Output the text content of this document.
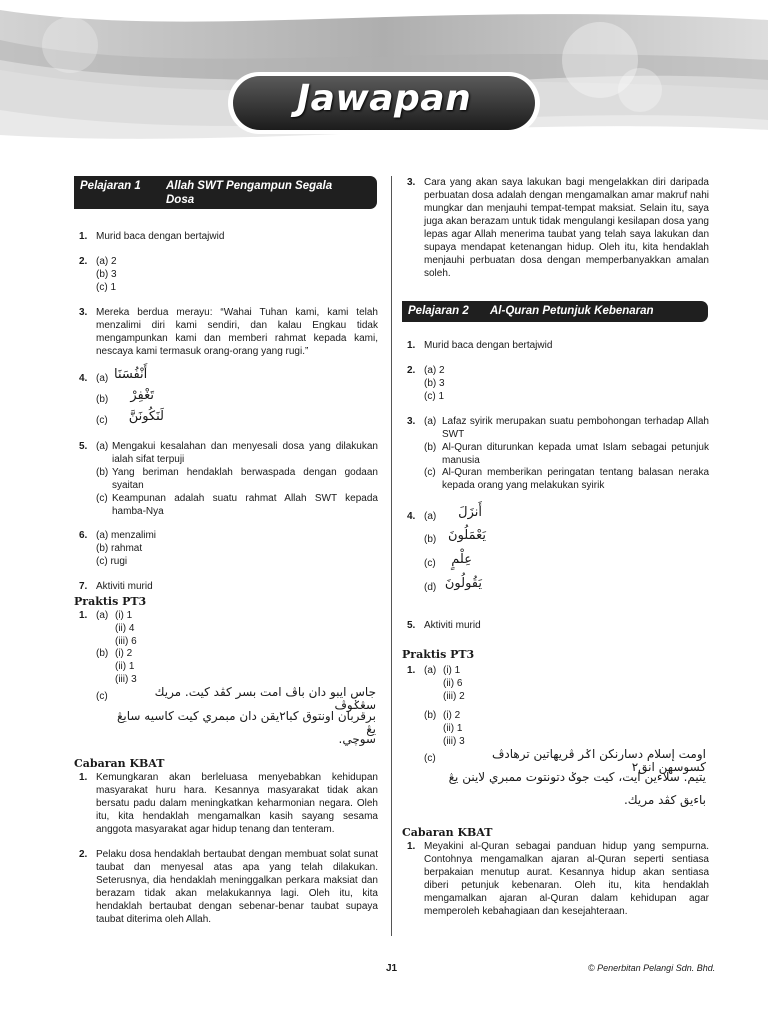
Jawapan
Pelajaran 1 Allah SWT Pengampun Segala
Dosa
1. Murid baca dengan bertajwid
2. (a) 2
(b) 3
(c) 1
3. Mereka berdua merayu: “Wahai Tuhan kami, kami telah menzalimi diri kami sendiri, dan kalau Engkau tidak mengampunkan kami dan memberi rahmat kepada kami, nescaya kami termasuk orang-orang yang rugi.”
4. (a) أَنْفُسَنَا
(b)	تَغْفِرْ
(c)	لَنَكُونَنَّ
5. (a) Mengakui kesalahan dan menyesali dosa yang dilakukan ialah sifat terpuji
(b) Yang beriman hendaklah berwaspada dengan godaan syaitan
(c) Keampunan adalah suatu rahmat Allah SWT kepada hamba-Nya
6. (a) menzalimi
(b) rahmat
(c) rugi
7. Aktiviti murid
Praktis PT3
1. (a) (i) 1
(ii) 4
(iii) 6
(b) (i) 2
(ii) 1
(iii) 3
(c)	جاس ايبو دان باڤ امت بسر كڤد كيت. مريك سڠݢوڤ
برقربان اونتوق كبا٢يقن دان مبمري كيت كاسيه سايڠ يڠ
سوچي.
Cabaran KBAT
1. Kemungkaran akan berleluasa menyebabkan kehidupan masyarakat huru hara. Kesannya masyarakat tidak akan bersatu padu dalam meningkatkan keharmonian negara. Oleh itu, kita hendaklah mengamalkan kasih sayang sesama anggota masyarakat agar hidup tenang dan tenteram.
2. Pelaku dosa hendaklah bertaubat dengan membuat solat sunat taubat dan menyesal atas apa yang telah dilakukan. Seterusnya, dia hendaklah meninggalkan perkara maksiat dan berazam tidak akan melakukannya lagi. Oleh itu, kita hendaklah bertaubat dengan sebenar-benar taubat supaya taubat diterima oleh Allah.
3. Cara yang akan saya lakukan bagi mengelakkan diri daripada perbuatan dosa adalah dengan mengamalkan amar makruf nahi mungkar dan menjauhi tempat-tempat maksiat. Selain itu, saya juga akan berazam untuk tidak mengulangi kesilapan dosa yang lepas agar Allah menerima taubat yang telah saya lakukan dan supaya mendapat ketenangan hidup. Oleh itu, kita hendaklah menjauhi perbuatan dosa dengan memperbanyakkan amalan soleh.
Pelajaran 2 Al-Quran Petunjuk Kebenaran
1. Murid baca dengan bertajwid
2. (a) 2
(b) 3
(c) 1
3. (a) Lafaz syirik merupakan suatu pembohongan terhadap Allah SWT
(b) Al-Quran diturunkan kepada umat Islam sebagai petunjuk manusia
(c) Al-Quran memberikan peringatan tentang balasan neraka kepada orang yang melakukan syirik
4. (a)	أَنزَلَ
(b) يَعْمَلُونَ
(c)	عِلْمٍ
(d) يَقُولُونَ
5. Aktiviti murid
Praktis PT3
1. (a) (i) 1
(ii) 6
(iii) 2
(b) (i) 2
(ii) 1
(iii) 3
(c)	اومت إسلام دسارنكن اݢر ڤريهاتين ترهادڤ كسوسهن انق٢
يتيم. سلاءين ايت، كيت جوݢ دتونتوت ممبري لاينن يڠ
باءيق كڤد مريك.
Cabaran KBAT
1. Meyakini al-Quran sebagai panduan hidup yang sempurna. Contohnya mengamalkan ajaran al-Quran seperti sentiasa berpakaian menutup aurat. Kesannya hidup akan sentiasa diberi petunjuk kebenaran. Oleh itu, kita hendaklah mengamalkan ajaran al-Quran dalam kehidupan agar memperoleh kebahagiaan dan kesejahteraan.
J1	© Penerbitan Pelangi Sdn. Bhd.
